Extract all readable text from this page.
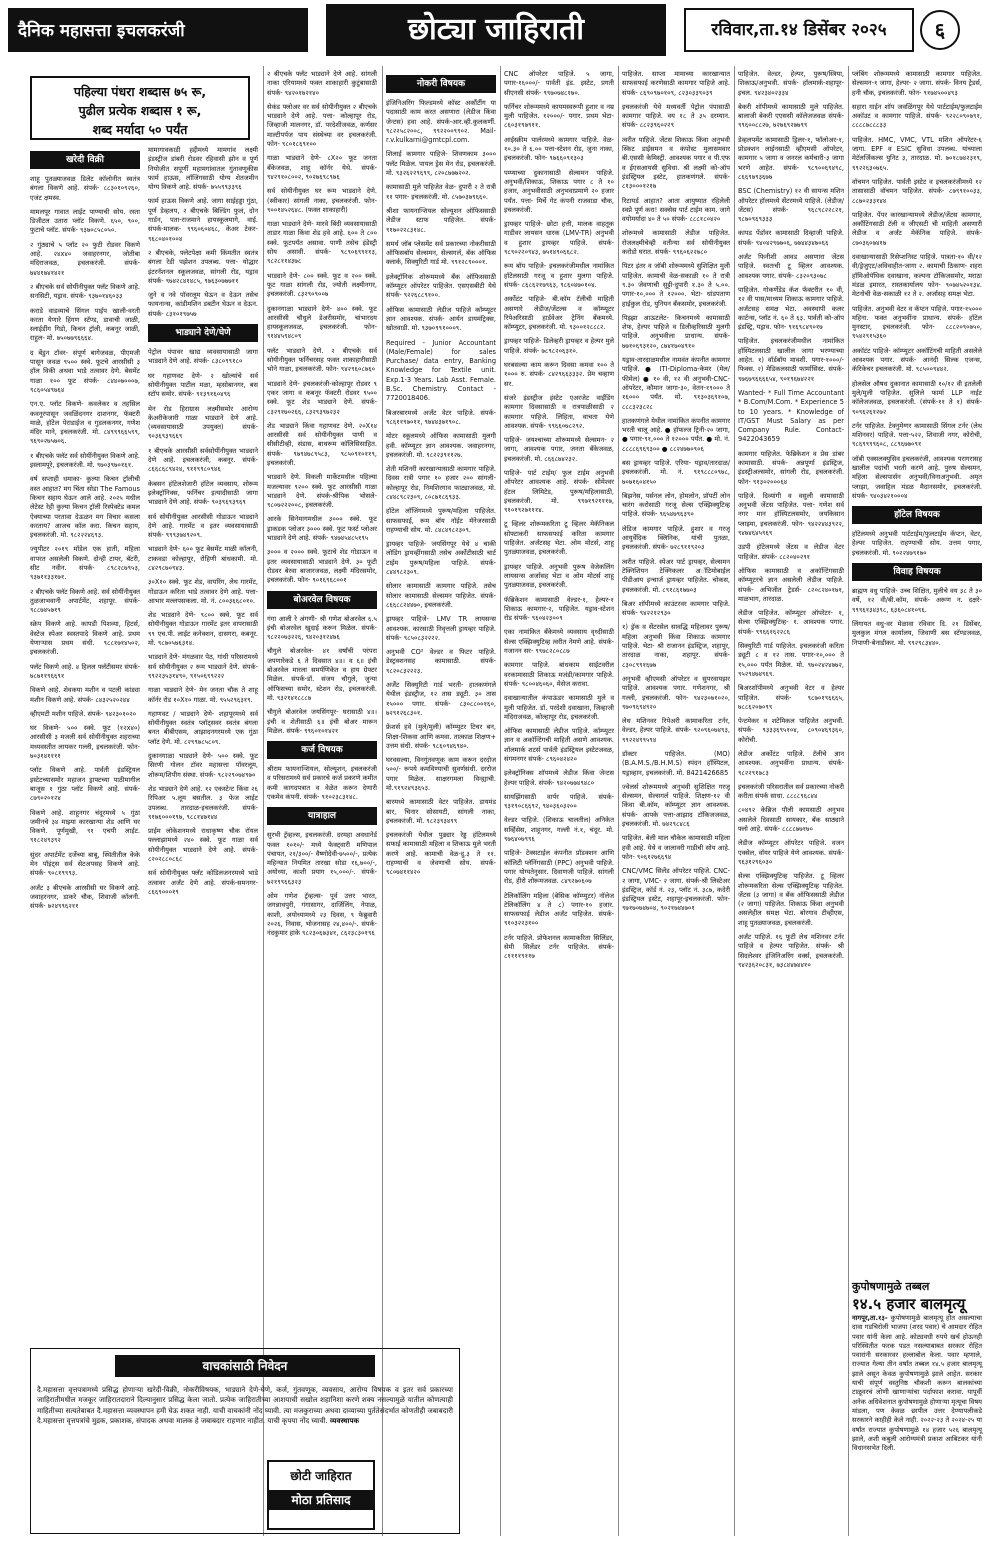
दैनिक महासत्ता इचलकरंजी	छोट्या जाहिराती	रविवार,ता.१४ डिसेंबर २०२५	६
पहिल्या पंधरा शब्दास ७५ रू,
पुढील प्रत्येक शब्दास १ रू,
शब्द मर्यादा ५० पर्यंत
खरेदी विक्री

शाहू पुतळ्याजवळ डिलेट कॉलोनीत स्वतंत्र बंगला विकणे आहे. संपर्क- ८८३०१०९२६०, एजंट क्षमस्व.

मामलपूर गावात लाईट पाण्याची सोय. रस्ता डिजीटल उतारा प्लॉट विकणे. ६५०, ९००, फुटाचे प्लॉट. संपर्क- ९३७०८५८०५०.

२ गुंठ्याचे ५ प्लॉट २० फुटी रोडवर विकणे आहे. २४x४० जवाहरनगर, जोतीबा मंदिराजवळ, इचलकरंजी. संपर्क- ७४४१७४१४२१

२ बीएचके सर्व सोयींनीयुक्त फ्लॅट विकणे आहे. सनसिटी, यड्राव. संपर्क- ९३७०१४६०३३

कराडे वाडव्याचे सिंगल पाईप खाली-वरती करता येणारे हिंगण स्टॅण्ड, डावाची जाळी, स्लाईडींग गिडो, किचन ट्रॉली, कबनूर जाळी, राहुल- मो. ७५०७७९६६६४.

द बेंडुन टॉवर- संपूर्ण बागेजवळ, पीएमजी पासून जवळ ९५०० स्क्वे. फूटचे आरसीसी ३ हॉल विकी अथवा भाडे तत्वावर देणे. बेसमेंट गाळा १०० फूट संपर्क- ८४४०७०००७, ९८६०५४९७६४

एन.ए. प्लॉट विकणे- कवलेकर व तहसिल कवनूरपासून जवळिंदनगर दाशनगर, फॅक्टरी माळे, हॉटेल पेराडाईज व गुडलकनगर, गणेश मंदिर माने, इचलकरंजी. मो. ८४९९९६६५९९, ९६९०२७५७०६.

१ बीएचके फ्लॅट सर्व सोयींनीयुक्त विकणे आहे. इस्लामपूरे, इचलकरंजी. मो. ९७०३९७०१६१.

वर्ष सप्ताही धमाका- कुल्या किचन ट्रॉलीची वस्त आहात? मग चिंता सोडा The Famous किचन सहाय घेऊन आले आहे. २०२५ मधील लेटेस्ट रेही कुल्या किचन ट्रॉली रिस्पेक्टेड कमल ऐक्याच्या परतावा देऊळन मग विचार कसला करताय? आजच कॉल करा. किचन सहाय, इचलकरंजी. मो. ९८२२२४६९३.

ज्युपीटर २०१९ मॉडेल एक हाती, महिला वापरत असलेली विकणे. दोन्ही टायर, बॅटरी, सीट नवीन. संपर्क- ८९८२८७९५३, ९३७११३३१७१.

२ बीएचके फ्लॅट विकणे आहे. सर्व सोयींनीयुक्त तुळजाभवानी अपार्टमेंट, शहापूर. संपर्क- ९८८७४५७१९

स्क्रेप विकणे आहे. कापडी पिशव्या, हिटर्स, वेस्टेज स्पेअर स्वस्तपादे विकणे आहे. प्रथम येणाऱ्यास प्रथम संधी. ९८८१७१४५०२, इचलकरंजी.

फ्लॅट विकणे आहे. ४ हिलल फ्लॅटीसमर संपर्क- ७८७११९६६९१

विकणे आहे. शेवकया मशीन व पटली कांड्या मशीन विकणे आहे. संपर्क- ८४३२५२०२४४

व्हीएमटी मशीन पाहिजे. संपर्क- ९४२३०१०२०

घर विकणे- ५०० स्क्वे. फूट (१२x४०) आरसीसी ३ मजली सर्व सोयींनीयुक्त शहराच्या मध्यवस्तीत लायकर गल्ली, इचलकरंजी. फोन- ७०३१४११११

प्लॉट विकणे आहे. पार्वती इंडस्ट्रियल इस्टेटच्यासमोर महाजन ड्राफ्टच्या पाठीमागील बाजूस १ गुंठा प्लॉट विकणे आहे. संपर्क- ८७९०२०१२४

विकणे आहे. शाहूनगर चंदूरमध्ये ५ गुंठा जमीनचे ३४ माझ्या कारखान्या शेड आणि घर विकणे. पूर्णमुखी, ९१ एचपी लाईट. ९१८२४९३९२

सुंदर अपार्टमेंट दर्जेच्या बाबू, स्थितीतील केके मेन पॉइंट्स सर्व सेटअपसह विकणे आहे. संपर्क- ९०८१९९९३.

अर्जंट ३ बीएचके आरसीसी घर विकणे आहे. जवाहरनगर, डाकरे चौक, शिवाजी कॉलनी. संपर्क- ७२४९९६२११

मामागावकाडी हद्दीमध्ये मामगांव लक्ष्मी इंडस्ट्रीज डांबरी रोडवर रहिवासी झोन व पूर्ण नियोजीत सपूर्णी महामगांवातल गुंतावणूकीस फार्म हाऊस, लॉजिंगसाठी योग्य शेतजमीन योग्य विकणे आहे. संपर्क- ७५५९९३३९६

फार्म हाऊस विकणे आहे. जागा साईहड्डा गुंठा, पूर्ण डेव्हलप, २ बीएचके बिल्डिंग फुलं, दोन गार्डन, पता-राजमाने हायस्कूलमागे, वाई. संपर्क-मालक- ९९६०६०४६८, केअर टेकर- ९६८०४०१००४

२ बीएचके, फ्लेटपेक्षा कमी किंमतीत स्वतंत्र बंगला रेडी पझेशन उपलब्ध. पत्ता- योद्धार इंटरनॅशनल स्कूलजवळ, सांगली रोड, यड्राव संपर्क- ९७४२८४१४८५, ९७६३०७७७११

जुने व नवे पॉवरलूम घेऊन व देऊन तसेच फायनान्स, कांडीमशिन डबटीन घेऊन व देऊन. संपर्क- ८३१०१९७५७

भाड्याने देणे/घेणे

पेट्रोल पंपावर खाद्य व्यवसायासाठी जागा भाड्याने देणे आहे. संपर्क- ८३८०९९१८०

घर गहाणवट देणे- २ खोल्यांचे सर्व सोयीनीयुक्त पाटील मळा, म्हसोबानगर, बस स्टॉप समोर. संपर्क- ९१३९१६०४९६

मेन रोड हिराग्रास लक्ष्मीसमोर आरोग्य केअरीकेजारी गाळा भाड्याने देणे आहे. (व्यवसायासाठी उपयुक्त) संपर्क- ९०३६९३९६६९

१ बीएचके आरसीसी सर्वसोयींनीयुक्त भाड्याने देणे आहे. इचलकरंजी, कबनूर. संपर्क- ८६६८६८९४२४, ९११९९८०९४६

केबसन हॉटेलशेजारी हॉटेल व्यवसाय, शोरूम इलेक्ट्रॉनिक्स, फर्निचर इत्यादीसाठी जागा भाड्याने देणे आहे. संपर्क- ९०३९६९३९६९

सर्व सोयीनीयुक्त आरसीसी गोडाऊन भाड्याने देणे आहे. गारमेंट व इतर व्यवसायासाठी संपर्क- ९९९३७४९२०९.

भाड्याने देणे- ६०० फूट बेसमेंट माळी कॉलनी, टाकवडा कोल्हापूर, रोहिणी बांधकामी. मो. ८४२९८७०९४३.

३०X१० स्क्वे. फूट शेड, वायरिंग, लेथ गारमेंट, गोडाऊन करिता भाडे तत्वावर देणे आहे. पत्ता- आभार मल्लपसकला. मो. नं. ८००३६६८०१०.

शेड भाड्याने देणे- ९८०० स्क्वे. फूट सर्व सोयीनीयुक्त गोडाऊन गारमेंट इतर वापरासाठी ९९ एच.पी. लाईट कनेक्शन, दासगरा, कबनूर. मो. ९८७०५७६३१४.

भाड्याने देणे- मंगळवार पेठ, गांधी परिसरामध्ये सर्व सोयीनीयुक्त २ रूम भाड्याने देणे. संपर्क- ९९२२३५३१४९०, ९१५०६९९२२२

गाळा भाड्याने देणे- मेन जनता चौक ते शाहू कॉर्नर रोड १०X१० गाळा. मो. ९५५२९६३१९.

गहाणवट / भाड्याने देणे- शहापूरमध्ये सर्व सोयीनीयुक्त स्वतंत्र प्लॉट्सवर स्वतंत्र बंगला बनत बीबीएसम, आझादनगरमध्ये एक गुंठा प्लॉट देणे. मो. ८२९९७८५८०९.

दुकानगाळा भाड्याने देणे- ५०० स्क्वे. फूट सिरणी गोलन टॉवर महासत्ता पॉवरलूम, शोरूम/शिपीग संस्था. संपर्क- ९८२२९०७४९७०

शेड भाड्याने देणे आहे. १२ एकस्टेन्ट किंवा २६ रिपिअर ५.लूम बसतील. ३ फेज लाईट उपलब्ध. तारदाळ-इचलकरंजी. संपर्क- ९१७६०००१९७, ९८८१४७१४४

प्राईम लोकेशनमध्ये राधाकृष्ण चौक रॉयल फ्ल्लाझामध्ये २४० स्क्वे. फूट गाळा सर्व सोयीनीयुक्त भाड्याने देणे आहे. संपर्क- ८२०२८८०८६८

सर्व सोयीनीयुक्त फ्लॅट कोडिलजनरमध्ये भाडे तत्वावर अर्जंट देणे आहे. संपर्क-समनगर- ८६६९०००१९

२ बीएचके फ्लॅट भाड्याने देणे आहे. सांगली नाका एरियामध्ये फक्त शाकाहारी कुटुंबासाठी संपर्क- ९४२०१७२१४०

सेकंड फ्लोअर वर सर्व सोयीनीयुक्त २ बीएचके भाड्याने देणे आहे. पत्ता- कोल्हापूर रोड, जिव्हाजी मालनगर, डॉ. परदेशीजवळ, कर्णसर माल्टीपर्पज पाय संस्थेच्या वर इचलकरंजी. फोन- ९८०१८६९१००

गाळा भाड्याने देणे- ८X२० फूट जनता बँकेजवळ, शाहू कॉर्नर येथे. संपर्क- ९४२९१०८००२, ९०२७६९८९७६

सर्व सोयीनीयुक्त घर रूम भाड्याने देणे. (स्वीकार) सांगली नाका, इचलकरंजी. फोन- ९००१४५२६४८. (फक्त शाकाहारी)

गाळा भाड्याने देणे- मारवे बिंदी व्यवसायासाठी ताडार गाळा किंवा शेड हवे आहे. ६०० ते ८०० स्क्वे. फूटपर्यंत असावा. पाणी तसेच इंडेस्ट्री सोय असावी. संपर्क- ९८९०६९९११३, ९८२८११४३७८

भाड्याने देणे- ८०० स्क्वे. फूट व २०० स्क्वे. फूट गाळा सांगली रोड, ज्योती लक्ष्मीनगर, इचलकरंजी. ८३२९०९००७

दुकानगाळा भाड्याने देणे- ४०० स्क्वे. फूट आरसीसी चौधुले डेअरीसमोर, चांभारदय हायस्कूलजवळ, इचलकरंजी. फोन- ९१४४५९४८०९

फ्लॅट भाड्याने देणे. २ बीएचके सर्व सोयीनीयुक्त फर्निचरसह फक्त शाकाहारीसाठी भोने गाळा, इचलकरंजी. फोन- ९४२९६०८७६०

भाड्याने देणे- इचलकरंजी-कोल्हापूर रोडवर ९ एकर जागा व कबनूर फॅक्टरी रोडवर ९५०० स्क्वे. फूट शेड भाड्याने देणे. संपर्क- ८३२९१७०२६६, ८३२९३९७२३२

शेड भाड्याने किंवा गहाणवट देणे. २०X१४ आरसीसी सर्व सोयीनीयुक्त पाणी व सीसीटीव्ही, संडास, बाथरूम कॉलिसिसाहित. संपर्क- ९७९४७८९५८३, ९८५०९१०११९, इचलकरंजी.

भाड्याने देणे. विकली मार्केटमधील पहिल्या मजल्यावर ९२०० स्क्वे. फूट आरसीसी गाळा भाड्याने देणे. संपर्क-श्रीपिक भोसले- ९८०७२२२००८, इचलकरंजी.

आरके सिनेमागमधील ३००० स्क्वे. फूट ड्राकडक प्लोअर ३००० स्क्वे. फूट फर्स्ट प्लोअर भाड्याने देणे आहे. संपर्क- ९४७४५४८५१९५

३००० व २००० स्क्वे. फूटाचे शेड गोडाऊन व इतर व्यवसायासाठी भाड्याने देणे. ३० फूटी रोडवर बेरवा बाजारजवळ, लक्ष्मी मंदिरसमोर, इचलकरंजी. फोन- ९०१६९६८००१

बोअरवेल विषयक

गंगा आली रे अंगणी- श्री गणेश बोअरवेल ६.५ इंची बोअरवेल खुदाई करून मिळेल. संपर्क- ९८२२०७३२२६, ९४२०३१२४७६

चौगुले बोअरवेल- ४१ वर्षांची परंपरा जपणारेकडे ६ ते दिवसात ४॥। व ६॥ इंची बोअरवेल मारला समर्पणिकेत व हाय ग्रेफ्टर मिळेल. संपर्क-डॉ. संजय चौगुले, जुन्या ऑफिसच्या समोर, स्टेशन रोड, इचलकरंजी. मो. ९३२१४१८८८७

चौगुले बोअरवेल जयसिंगपूर- घरासाठी ४॥। इंची व शेतीसाठी ६॥ इंची बोअर मारून मिळेल. संपर्क- ९९६०१०१४२१

कर्ज विषयक

श्रीराम फायनान्शियल, सोल्यूशन, इचलकरंजी व परिसरामध्ये सर्व प्रकारचे कर्ज प्रकरणे कमीत कमी कागदपत्रात व वेळेत करून देणारी एकमेव कंपनी. संपर्क- ९१०२३८३१४८.

यात्राहाल

सुरभी ट्रॅव्हल्स, इचलकरंजी. दरमहा अवधानेर्ड फक्त १०१०/- मध्ये फेक्ट्वारी मणिपाल पंचायत, २१/३००/- वैष्णोदेवी-७५००/-, प्रत्येक महिन्यात नियमित तारखा सोडा १६,७००/-, अयोध्या, काशी प्रयाग १५,०००/-. संपर्क- ७२१९९६६३२३

ओम गणेश ट्रॅव्हल्स- पूर्व उत्तर भारत, जगन्नाथपुरी, गंगासागर, दार्जिलिंग, नेपाळ, काशी, अयोध्यामध्ये २३ दिवस, ९ फेब्रुवारी २०२६, निवास, भोजनासह २४,४००/-. संपर्क-नंदकुमार हाके ९८२३०६७३४१, ८६२३८३०१९६

नोकरी विषयक

इंजिनिअरिंग फिल्डमध्ये कॉस्ट अकौंटींग या पदासाठी काम करत असणारा (लेडीज किंवा जेन्टस) हवा आहे. संपर्क-आर.व्ही.कुलकर्णी. ९८२२५८२००८, ९९२२००९९०२. Mail-r.v.kulkarni@gmtcpl.com.

शिलाई कामगार पाहिजे- शिवणकाम ३००० फ्लॅट मिळेल. पायल ड्रेस मेन रोड, इचलकरंजी. मो. ९३२६२२९६९९, ८२०८७७७२०२.

कामासाठी मुले पाहिजेत वेळ- दुपारी २ ते रात्री ११ पगार- इचलकरंजी. मो. ८५७०३७९६६०.

श्रीशा फायनान्शियल सोल्यूशन ऑफिससाठी लेडीज स्टाफ पाहिजेत. संपर्क- ९१७०२२८३१४८.

समर्थ जॉब प्लेसमेंट सर्व प्रकारच्या नोकरीसाठी ऑफिसबॉय सेल्समन, सेल्सगर्ल, बॅक ऑफिस क्लार्क, सिक्युरिटी गार्ड मो. ९९१२८९०००१.

इलेक्ट्रॉनिक शोरूममध्ये बँक ऑफिससाठी कॉम्प्यूटर ऑपरेटर पाहिजेत. एसएसबीटी येथे संपर्क- ९२२६८८९१००.

ऑफिस कामासाठी लेडीज पाहिजे कॉम्प्यूटर ज्ञान आवश्यक. संपर्क- आर्यन डायमंट्रिक्स, खोतवाडी. मो. ९३७०९९१०००९.

Required - Junior Accountant (Male/Female) for sales Purchase/ data entry, Banking Knowledge for Textile unit. Exp.1-3 Years. Lab Asst. Female. B.Sc. Chemistry. Contact - 7720018406.

बिअरबारमध्ये अर्जंट वेटर पाहिजे. संपर्क- ९८६११९७०११, ९७४४३७१९०८.

मोटर स्कूलमध्ये ऑफिस कामासाठी मुलगी हवी. कॉम्प्यूटर ज्ञान आवश्यक. जवाहरनगर, इचलकरंजी. मो. ९८२२३९११२७.

शेती मशिनरी कारखान्यासाठी कामगार पाहिजे. दिवस रात्री पगार १० हजार २०० सांगली- कोल्हापूर रोड, निमशिरगाव फाट्याजवळ, मो. ८४४८९८२३०९, ८०८७१८६९३३.

हॉटेल लॉजिंगमध्ये पुरूष/महिला पाहिजेत. साफसफाई, रूम बॉय नॉईट मॅनेजरसाठी राहण्याची सोय. मो. ८४८४९८२३०९.

ड्रायव्हर पाहिजे- जयसिंगपूर येथे ४ चाकी लोडिंग ड्रायव्हींगसाठी तसेच अर्कोटीसाठी चार्ट टाईम पुरूष/महिला पाहिजे. संपर्क- ८४४९८२३०९.

सोलार कामासाठी कामगार पाहिजे. तसेच सोलार कामासाठी सेल्समन पाहिजेत. संपर्क- ८६६८८२४४७०, इचलकरंजी.

ड्रायव्हर पाहिजे- LMV TR लायसन्स आवश्यक. कारसाठी निवृत्तली ड्रायव्हर पाहिजे. संपर्क- ९८५०८३२२२२.

अनुभवी CO² वेल्डर व फिटर पाहिजे. डेस्ट्रक्शनसह कामासाठी. संपर्क- ९८२०८३२२२३.

अर्जेंट सिक्युरिटी गार्ड भरती- हातकणंगले येथील इंडस्ट्रीज, १२ तास ड्यूटी. ३० तास १५००० पगार. संपर्क- ८३०८८००१६०, ७२९१२६८३०१.

फ्रेशर्स हवे (मुले/मुली) कॉम्प्युटर टिचर बन, शिक्षा-शिकवा आणि कमवा. तात्काळ शिक्षण+ उत्तम संधी. संपर्क- ९८६०९४६९४०.

घरवसल्या, विनगुंतवणूक काम करून दरदोज ५००/- रूपये कमविण्याची सुवर्णसंधी. दररोज पगार मिळेल. साक्षरगमला विन्ह्याची. मो.९१९२४९३६५३.

बारमध्ये कामासाठी वेटर पाहिजेत. डायमंड बार, चिनार सोसायटी, सांगली नाका, इचलकरंजी. मो. ९८२३९३४९९

इचलकरंजी येथील पुढ्यार रेड्ड हॉटेलमध्ये सफाई कामासाठी महिला व शिकाऊ मुले भरती करणे आहे. कामाची वेळ-दु.३ ते ११. राहण्याची व जेवणाची सोय. संपर्क- ९८०७४११४२०

CNC ऑपरेटर पाहिजे. ५ जागा, पगार-१६०००/- पार्वती इंड. इस्टेट, प्रगती सीएनसी संपर्क- ९९७०७४८१७०.

फर्निचर शोरूममध्ये कायमस्वरूपी हुशार व नम्र मुली पाहिजेत. १२०००/- पगार. प्रथम भेटा- ८६०३१९७९११.

आईस्क्रीम पार्लरमध्ये कामगार पाहिजे. वेळ- १०.३० ते ६.०० पत्ता-स्टेशन रोड, जुना नाका, इचलकरंजी. फोन- ९७६६०९१३०३

पम्प्याच्या दुकानासाठी सेल्समन पाहिजे. अनुभवी/शिकाऊ, शिकाऊ पगार ८ ते १० हजार, अनुभवीसाठी अनुभवाप्रमाणे २० हजार पर्यंत. पत्ता- मिर्चे गेट कंपनी राजवाडा चौक, इचलकरंजी.

ड्रायव्हर पाहिजे- छोटा हत्ती, मालक वाहतूक गाडीवर लायसन धारक (LMV-TR) अनुभवी व हुशार ड्रायव्हर पाहिजे. संपर्क- ९८९०२२०९४३, ७५१४९०६६८२.

रूम बॉय पाहिजे- इचलकरंजीमधील नामांकित हॉटेलसाठी गरजू व हुशार मुलगा पाहिजे. संपर्क- ८६८६२१७९६३, ९८६०४७०१०४.

अर्कोटंट पाहिजे- बी.कॉम टॅलीची माहिती असणारे लेडीज/जेंटल्स व कॉम्प्यूटर रिपेअरिसाठी हार्डवेअर ट्रेनिंग बँकमध्ये. कॉम्प्युटर, इचलकरंजी. मो. ९३००१२८८८२.

ड्रायव्हर पाहिजे- डिलेव्हरी ड्रायव्हर व हेल्पर मुले पाहिजे. संपर्क- ७८९८२०६३१०.

घरबसल्या काम करून दिवसा कमवा १०० ते १००० रु. संपर्क- ८४२९६६३३३२. प्रेम चव्हाण सर.

संजरे इंडस्ट्रीज इंस्टेट एअरजेट वाईंडिंग कामगार दिवसासाठी व रात्रपाळीसाठी २ कामगार पाहिजे. लिहिता, वाचता येणे आवश्यक. संपर्क- ९९६६०७८२९२.

पाहिजे- जयश्चाच्या शोरूममध्ये सेल्समन- २ जागा, आवश्यक पगार, जनता बँकेजवळ, इचलकरंजी. मो. ८६६८७४२३२.

पाहिजे- पार्ट टाईम/ फुल टाईम अनुभवी ऑपरेटर आवश्यक आहे. संपर्क- सोमेश्वर हॅटल लिमिटेड, पुरूष/महिलासाठी, इचलकरंजी. मो. ९९७१९२१११७, ९१०१९२७१११४.

टू व्हिलर शोरूमकरिता टू व्हिलर मेकॅनिकल सोफ्टाकरी साफसफाई करिता कामगार पाहिजेत. अर्जंटसह भेटा. ओम मोटर्स, शाहू पुतळ्याजवळ, इचलकरंजी.

ड्रायव्हर पाहिजे. अनुभवी पुरूष वेजेकलिंग लायसन्स अर्जासह भेटा व ओम मोटर्स शाहू पुतळ्याजवळ, इचलकरंजी.

फॅब्रिकेशन कामासाठी वेल्डर-१, हेल्पर-१ शिकाऊ कामगार-२, पाहिजेत. यड्राव-स्टेशन रोड संपर्क- ९६०४२३००९

एका नामांकित बँकेमध्ये व्यवसाय वृध्दीसाठी सेल्स एक्झिक्युटिव्ह त्वरीत नेमणे आहे. संपर्क-गजानन सर- ९९७८२८०८८७

कामगार पाहिजे. बांधकाम साईटवरील वरकामासाठी शिकाऊ मजंडी/कामगार पाहिजे. संपर्क- ९८००४६०६०, मेसेज करावा.

दवाखान्यातील कंपाऊंडर कामासाठी मुले व मुली पाहिजेत. डॉ. परदेशी दवाखाना, जिव्हाजी मंदिराजवळ, कोल्हापूर रोड, इचलकरंजी.

ऑफिस कामासाठी लेडीज पाहिजे. कॉम्प्युटर ज्ञान व अकॉन्टिंगची माहिती असणे आवश्यक. शॉलमार्क शटर्स पार्वती इंडस्ट्रियल इस्टेटजवळ, संगमनगर संपर्क- ८९६०४२४२०

इलेक्ट्रॉनिक्स शॉपमध्ये लेडीज किंवा जेन्टस हेल्पर पाहिजे. संपर्क- ९४२०७७४९४८०

सायझिंगसाठी वार्पर पाहिजे. संपर्क- ९३१९०८६६९२, ९४०३६०३२००

वेल्डर पाहिजे. (शिकाऊ चालतील) अनिकेत सर्व्हिसेस, शाहूनगर, गल्ली नं.१, चंदूर. मो. ९७६४०७९९६

पाहिजे- टेक्सटाईल कंपनीत प्रॉडक्शन आणि कॉलिटी प्लॅनिंगसाठी (PPC) अनुभवी पाहिजे. पगार योग्यतेनुसार. दिवाणजी पाहिजे. सांगली रोड, हीरो शोरूमजवळ. ८४९२७०६०७

टेलिकॉलिंग महिला (बेसिक कॉम्प्युटर) नॉलेज टेलिकॉलिंग ४ ते ८) पगार-१० हजार. साफसफाई लेडीज अर्जंट पाहिजेत. संपर्क- ९१०३२२३१००

टर्नर पाहिजे. प्रोफेशनल कामाकरिता सिलिंडर, सेमी सिलेंडर टर्नर पाहिजेत. संपर्क- ८११११९११७

पाहिजेत. साप्ता मामाच्या कारखान्यात साफसफाई करणेसाठी कामगार पाहिजे आहे. संपर्क- ८६९०९७०१०९, ८२३०३३९०३९

इचलकरंजी येथे मध्यवर्ती पेट्रोल पंपासाठी कामगार पाहिजे. वय १८ ते ३५ दरम्यान. संपर्क- ८८२३९६०२२९

त्वरीत पाहिजे. जेंटस शिकाऊ किंवा अनुभवी स्किट डाईसमन व कंपोस्ट मुलासमवार बी.एससी केमिस्ट्री. आवश्यक पगार व पी.एफ व ईएसआयसी सुविधा. श्री लक्ष्मी को-ऑप इंडस्ट्रियल इस्टेट, हातकणंगले. संपर्क- ८१३०००१२१७

रिटायर्ड आहात? आता आयुष्यात रहिलेली स्वप्ने पूर्ण करा! सक्सेस पार्ट टाईम काम. जागे वयोमर्यादा ४० ते ५० संपर्क- ८८८१८०४२०

शोरूमध्ये कामासाठी लेडीज पाहिजेत. रोजलक्ष्मीचेव्ही वतीन्या सर्व सोयीनीयुक्त करोडो घरात. संपर्क- ९९६०६२२७८०

पिटर इंतर व जॉबी शोरूममध्ये सुशिक्षित मुली पाहिजेत. कामाची वेळ-सकाळी १० ते रात्री ९.३० जेवणाची सुट्टी-दुपारी १.३० ते ५.००. पगार-१०,००० ते १२०००. भेटा- धांडपताण हाईकुल रोड, युनियन बँकसमोर, इचलकरंजी.

पिझ्झा आऊटलेट- किचनमध्ये कामासाठी शेफ, हेल्पर पाहिजे व डिलीव्हरिसाठी मुलगी पाहिजे. अनुभवीला प्राधान्य. संपर्क- ७७१०६९३१२०, ८७४१७०४९१०

यड्राव-तारदाळमधील नामवंत कंपनीत कामगार पाहिजे. ● ITI-Diploma-केमर (मेल/फीमेल) ● १० वी, १२ वी अनुभवी-CNC-ऑपरेटर, कौमान जागा-३०, वेतन-१९००० ते १६००० पर्यंत. मो. ९१३०३६९१०७, ८८८३२३८२८

हातकणंगले येथील नामांकित कंपनीत कामगार भरती चालू आहे. ● हॉफल्ज ट्रिनी-२० जागा, ● पगार-९१,००० ते १२००० पर्यंत. ● मो. नं. ८८८८६९६९३०० ● ८८२४७७०९०६

बस ड्रायव्हर पाहिजे. एरिया- यड्राव/तारदाळ/इचलकरंजी. मो. नं. ९१९८८८०९७८, ७०७१६०४१५०

बिझनेस, पर्सनल लोन, होमलोन, प्रॉपर्टी लोन चारंग करोसाठी गरजू सेल्स एक्झिक्युटिव्ह पाहिजे. संपर्क- ९६५४७९६३९०

लेडिज कामगार पाहिजे. हुशार व गरजू आयुर्वेदिक क्लिनिक, यांची पुतळा, इचलकरंजी. संपर्क- ७२८९११९२०३

त्वरीत पाहिजे. स्पेअर पार्ट ड्रायव्हर, सेल्समन टेक्निशियन टेक्निकलर अॉटिमोबाईल पीडीआय इन्चार्ज ड्रायव्हर पाहिजेत. चोकस, इचलकरंजी. मो. ८९१८६१७७०३

बिअर शॉपीमध्ये काउंटरवर कामगार पाहिजे. संपर्क- ९४२२१२९३०

१) ड्रॅक व सेंटरसेल सावद्धि महिलावर पुरूष/महिला अनुभवी किंवा शिकाऊ कामगार पाहिजे. भेटा- श्री राजानन इंडस्ट्रिज, शहापूर, तारदाळ नाका, शहापूर. संपर्क- ८३०८९९१६७७

अनुभवी व्हीएमसी ऑपरेटर व सुपरवायझर पाहिजे. आवश्यक पगार. गणेशनगर, श्री गल्ली, इचलकरंजी. फोन- ९४२३०७१०२०, ९७०९६९४९२०

लेथ मशिनवर रिपेअरी कामाकरिता टर्नर, वेल्डर, हेल्पर पाहिजे. संपर्क- ९२०९६०७४९३, ९९२२४९९५९४

डॉक्टर पाहिजेत. (MO) (B.A.M.S./B.H.M.S) स्पंदन हॉस्पिटल, यड्राव्हान, इचलकरंजी. मो. 8421426685

ज्वेलर्स शोरूममध्ये अनुभवी सुशिक्षित गरजू सेल्समन, सेल्सगर्ल पाहिजे. शिक्षण-१२ वी किंवा बी.कॉम, कॉम्प्यूटर ज्ञान आवश्यक. संपर्क- आपके पत्ता-आझाद टॉकिजजवळ, इचलकरंजी. मो. ७४२९८४८६

पाहिजेत. बेली माल चौकेल कामासाठी महिला हवी आहे. येथे व जालावरी गाडीची सोय आहे. फोन- ९०६१२७६६९४

CNC/VMC सिलेंड ऑपरेटर पाहिजे. CNC- २ जागा, VMC- २ जागा. संपर्क-श्री लिस्टेअर इंडस्ट्रिज, कॉर्ड नं. २३, प्लॉट नं. ३८७, कदेरी इंडस्ट्रियल इस्टेट, शहापूर-इचलकरंजी. फोन- ९७१७०७४७०४, ९०२१७४४७०१

पाहिजेत. वेल्डर, हेल्पर, पुरूष/स्त्रिया, शिकाऊ/अनुभवी. संपर्क- हॉलमार्क-शहापूर-इचल. ९४२३४०२३३४

बेकरी शॉपीमध्ये कामासाठी मुले पाहिजेत. बालाजी बेकरी एएससी कॉलेजजवळ संपर्क- ९९६००८८२७, ७२७६९२७७९९

डेव्हलपमेंट कामासाठी ड्रिलर-१, फॉलोअर-१, प्रोडक्शन लाईनसाठी व्हीएमसी ऑपरेटर, कामगार ५ जागा व जनरल कर्मचारी-३ जागा भरणे आहेत. संपर्क- ९८९००६९४९८, ८६६९७९३६७७

BSC (Chemistry) १२ वी सायन्स मशिन ऑपरेटर हॉलमध्ये सेंटरमध्ये पाहिजे. (लेडीज/जेंटस) संपर्क- ९६८९८२२८२१, ९८७०९६९३३३

कापड पेंडॉवर कामासाठी दिव्हाजी पाहिजे. संपर्क- ९४०४२९७७०६, ७७४४३४७०६६

अर्जंट फिनीशी आवड असणारा जेंटस पाहिजे. स्वतःची टू व्हिलर आवश्यक. आवश्यक पगार. संपर्क- ८३२०९३०७८

पाहिजेत. गोकर्णेडेड कॅश फॅक्टरीत १० वी, १२ वी पास/माध्यम शिकाऊ कामगार पाहिजे. अर्जंटसह समक्ष भेटा. अवस्थापी कलर कार्टन्स, प्लॉट नं. ६० ते ६३. पार्वती को-ऑप इंडस्ट्रि, यड्राव. फोन- ९१६९८४९०१७

पाहिजेत. इचलकरंजीमधील नामांकित हॉस्पिटलसाठी खालील जागा भरण्याच्या आहेत. १) वॉर्डबॉय मावशी. पगार-१०००/- फिक्स. २) मेडिकलसाठी फार्मासिस्ट. संपर्क- ९७६७९६६६६५४, ९०१९६७४२२१

Wanted- * Full Time Accountant * B.Com/M.Com. * Experience 5 to 10 years. * Knowledge of IT/GST Must Salary as per Company Rule. Contact-9422043659

कामगार पाहिजेत. फेब्रिकेशन व प्रेस डांबर कामासाठी. संपर्क- अन्नपूर्णा इंडस्ट्रिज, इंडस्ट्रीअल्समोर, सांगली रोड, इचलकरंजी. फोन- ९१३०२०००६४

पाहिजे. दिव्यांगी व वसुली कामासाठी अनुभवी जेंटस पाहिजेत. पत्ता- गणेश सर्व नगर मान हॉस्पिटलसमोर, जयकिसान प्लाझ्या, इचलकरंजी. फोन- ९४२२४४३९२२, ९४७४६४५९६९

उडपी हॉटेलमध्ये जेंटस व लेडीज वेटर पाहिजेत. संपर्क- ८८२०४०२९१

ऑफिस कामासाठी व अकॉन्टिंगसाठी कॉम्प्यूटरचे ज्ञान असलेली लेडीज पाहिजे. संपर्क- अभिजीत ट्रेडर्स- ८२०८२४०१७१, माळभाग, तारदाळ.

लेडीज पाहिजेत. कॉम्प्यूटर ऑपरेटर- १, सेल्स एक्झिक्युटिव्ह- १. आवश्यक पगार. संपर्क- ९९६६१६२२८६

सिक्युरिटी गार्ड पाहिजेत. इचलकरंजी करिता ड्यूटी ८ व १२ तास. पगार-१०,००० ते १५,००० पर्यंत मिळेल. मो. ९७०२४२४७७२, ९५२९४७४९६९.

बिअरशॉपीमध्ये अनुभवी वेटर व हेल्पर पाहिजेत. संपर्क- ९८७०१९६६६५, ७८८६२०७०९९

पेन्टमेकर व शटेमिकल पाहिजेत अनुभवी. संपर्क- ९३३३६९५१०४, ८०९०४६९३६०, कोरोची.

लेडीज अर्कोटंट पाहिजे. टॅलीचे ज्ञान आवश्यक. अनुभवींना प्राधान्य. संपर्क- ९८२२९१७८३

इचलकरंजी परिसरातील सर्व प्रकारच्या नोकरी करीता संपर्क साधा. ८८८८९६८४४

८०४९२ केब्रिज पौली कामसाठी अनुभव असलेले दिवसाठी सायकार, बँक साठ्याने फ्लो आहे. संपर्क- ८८८८७७१७०

लेडीज कॉम्प्यूटर ऑपरेटर पाहिजे. वजन एक्सेल, वॉयर पाहिजे येणे आवश्यक. संपर्क- ९६३१२९६०३०

सेल्स एक्झिक्युटिव्ह पाहिजेत. टू व्हिलर शोरूमकरिता सेल्स एक्झिक्युटिव्ह पाहिजेत. जेंटस (३ जागा) व बँक ऑफिससाठी लेडीज (२ जागा) पाहिजेत. शिकाऊ किंवा अनुभवी असलेहील समक्ष भेटा. बोरगाव टीव्हीएस, शाहू पुतळ्याजवळ, इचलकरंजी.

अर्जंट पाहिजे. १६ फूटी लेथ मशिनवर टर्नर पाहिजे व हेल्पर पाहिजेत. संपर्क- श्री सिदलेश्वर इंजिनिअरिंग वर्क्स, इचलकरंजी. ९४२३६२०८३१, ७३८४४७४४१०

प्लंबिंग शोरूममध्ये कामासाठी कामगार पाहिजेत. सेल्समन-१ जागा, हेल्पर- २ जागा. संपर्क- विनय ट्रेडर्स, हनी चौक, इचलकरंजी. फोन- ९१७४५००४९३

सहारा गाईन शॉप जवळिंगपूर येथे पार्टटाईम/फुलटाईम अकॉउट व कामगार पाहिजे. संपर्क- ९२२८०९०७९१, ८८८८७८८८३३

पाहिजेत. HMC, VMC, VTL मशिन ऑपरेटर-६ जागा. EPF व ESIC सुविधा उपलब्ध. यांच्याला मेटॅलर्जिकल्स युनिट ३, तारदाळ. मो. ७०१८७४२३१९, ९९२२६३०७६५.

वॉचमन पाहिजेत. पार्वती इस्टेट व इचलकरंजीमध्ये १२ तासासाठी वॉचमन पाहिजेत. संपर्क- ८७९९१००३३, ८८७०२३३१४४

पाहिजेत. पेंपर कारखान्यामध्ये लेडीज/जेंटस कामगार, अकौंटिंगसाठी टॅली व जीएसटी ची माहिती असणारी लेडीज व अर्जंट मेकॅनिक पाहिजे. संपर्क- ८७०३६०७४१७

दवाखान्यासाठी रिसेप्शनिस्ट पाहिजे. पात्रता-१० वी/१२ वी/ड्रेजुएट/अविवाहीत-जागा २. कामाची ठिकाण- शहरा हॉमिओपॅथिक दवाखाना, कल्पना टॉकिजसमोर, मराठा मंडळ इमारत, रास्तकार्यालय फोन- ९०७४५२०१३४. मेटनोची वेळ-सकाळी १२ ते २. अर्जासह समक्ष भेटा.

पाहिजेत. अनुभवी वेटर व कॅप्टन पाहिजे. पगार-१५००० महिना. फक्त अनुभवींना प्राधान्य. संपर्क- हॉटेल मुनस्टार, इचलकरंजी. फोन- ८८८२०९०७५०, ९५४२९१५३६०

अकॉटंट पाहिजे- कॉम्प्युटर अकॉटिंगची माहिती असलेले आवश्यक पगार. संपर्क- आनंदी सिल्क एजन्स, कॅरिकेचर इचलकरंजी. मो. ९८५००९४४२.

होलसेल औषध दुकानात कामासाठी १०/१२ वी इतलेली मुले/मुली पाहिजेत. सुलिले फार्मा LLP नाईट कॉलेजजवळ, इचलकरंजी. (संपर्क-११ ते १) संपर्क- ९०९६२६१२७२

टर्नर पाहिजेत. टेक्नुमेग्गर कामासाठी सिंगल टर्नर (लेथ मशिनवर) पाहिजे. पत्ता-५२२, शिवाजी नगर, कोरोची, ९८६९९९९६०८, ८८९६७७०९१

जॉबी एक्सलक्युसिव इचलकरंजी, आवश्यक परागरासह खालील पदांची भरती करणे आहे. पुरुष सेल्समन, महिला सेल्सपार्सन अनुभवी/विनाअनुभवी. अमृत प्लाझा, जवाहिल मंडळ मैदानसमोर, इचलकरंजी. संपर्क- ९४०३४२१०००४

हॉटेल विषयक

हॉटेलमध्ये अनुभवी पार्टटाईम/फुलटाईम कॅप्टन, वेटर, हेल्पर पाहिजेत. राहण्याची सोय. उत्तम पगार, इचलकरंजी. मो. ९०२२४७९१७०

विवाह विषयक

ब्राह्मण वधु पाहिजे- उच्च शिक्षित, मुलीचे वय ३८ ते ३० वर्षे, १२ वी/बी.कॉम, संपर्क- अरूण न. दक्षरे- ९९९६१३४३९८, ६३६०८४१०९६.

लिंगायत वधु-वर मेळावा रविवार दि. २१ डिसेंबर, मुलकुल मंगल कार्यालय, जिवाणी बस स्टॅण्डजवळ, निपाणी-बेनाडीकर. मो. ९९२९८३४४०.

कुपोषणामुळे तब्बल
१४.५ हजार बालमृत्यू
नागपूर,ता.१३- कुपोषणामुळे बालमृत्यू होत असल्याचा दावा गडचिरोली भाजपा (शरद पवार) चे आमदार रोहित पवार यांनी केला आहे. कोट्यवधी रुपये खर्च होऊनही परिस्थितीत फरक पडत नसल्याबाबत सरकार रोहित पवारांनी सरकारवर हल्लाबोल केला. पवार म्हणाले, राज्यात गेल्या तीन वर्षांत तब्बल १४.५ हजार बालमृत्यू झाले असून केवळ कुपोषणामुळे झाले आहेत. सरकार याची संपूर्ण वस्तुनिष्ठ चौकशी करून बालकांच्या टाळूवरचं लोणी खाणाऱ्यांचा पर्दाफाश करावा. यापूर्वी अनेक अधिवेशनात कुपोषणामुळे होणाऱ्या मृत्यूचा विषय मांडला, पण केवळ छापील उत्तर देण्यापलीकडे सरकारने काहीही केले नाही. २०२२-२३ ते २०२४-२५ या वर्षांत राज्यात कुपोषणामुळे १४ हजार ५२६ बालमृत्यू झाले, अशी कबुली आरोग्यमंत्री प्रकाश आबिटकर यांनी विधानसभेत दिली.
वाचकांसाठी निवेदन
दै.महासत्ता वृत्तपत्रामध्ये प्रसिद्ध होणाऱ्या खरेदी-विक्री, नोकरीविषयक, भाड्याने देणे-घेणे, कर्ज, गुंतवणूक, व्यवसाय, आरोग्य विषयक व इतर सर्व प्रकारच्या जाहिरातीमधील मजकूर जाहिरातदाराने दिल्यानुसार प्रसिद्ध केला जातो. प्रत्येक जाहिरातीच्या आशयाची सखोल शहानिशा करणे शक्य नसल्यामुळे यातील कोणत्याही माहितीच्या सत्यतेबाबत दै.महासत्ता व्यवस्थापन हमी घेऊ शकत नाही. याची वाचकांनी नोंद घ्यावी. त्या मजकुराच्या अथवा दाव्याच्या पुर्ततेसंदर्भात कोणतीही जबाबदारी दै.महासत्ता वृत्तपत्रांचे मुद्रक, प्रकाशक, संपादक अथवा मालक हे जबाबदार राहणार नाहीत. याची कृपया नोंद घ्यावी. व्यवस्थापक
छोटी जाहिरात
मोठा प्रतिसाद
